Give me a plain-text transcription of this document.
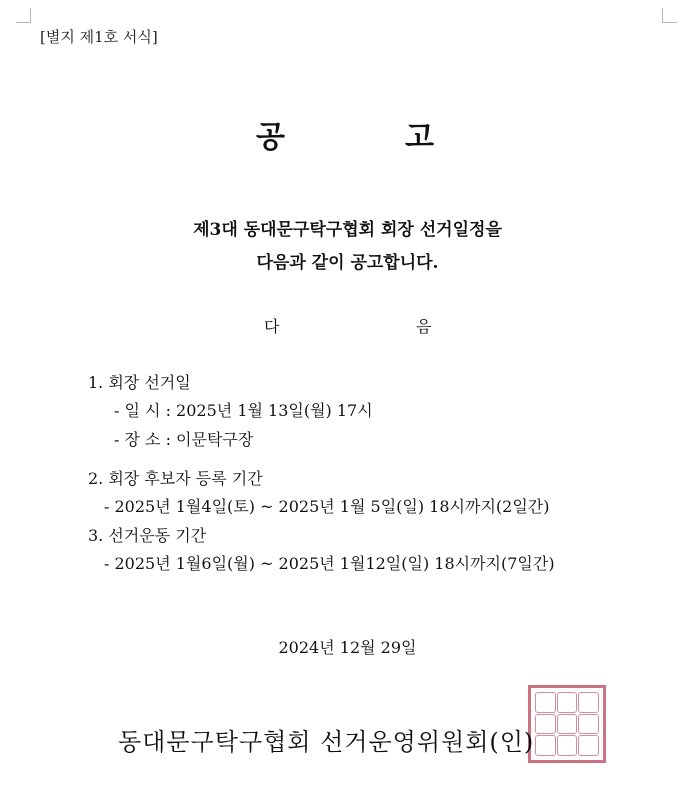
[별지 제1호 서식]
공	고
제3대 동대문구탁구협회 회장 선거일정을
다음과 같이 공고합니다.
다	음
1. 회장 선거일
- 일 시 : 2025년 1월 13일(월) 17시
- 장 소 : 이문탁구장
2. 회장 후보자 등록 기간
- 2025년 1월4일(토) ~ 2025년 1월 5일(일) 18시까지(2일간)
3. 선거운동 기간
- 2025년 1월6일(월) ~ 2025년 1월12일(일) 18시까지(7일간)
2024년 12월 29일
동대문구탁구협회 선거운영위원회(인)
